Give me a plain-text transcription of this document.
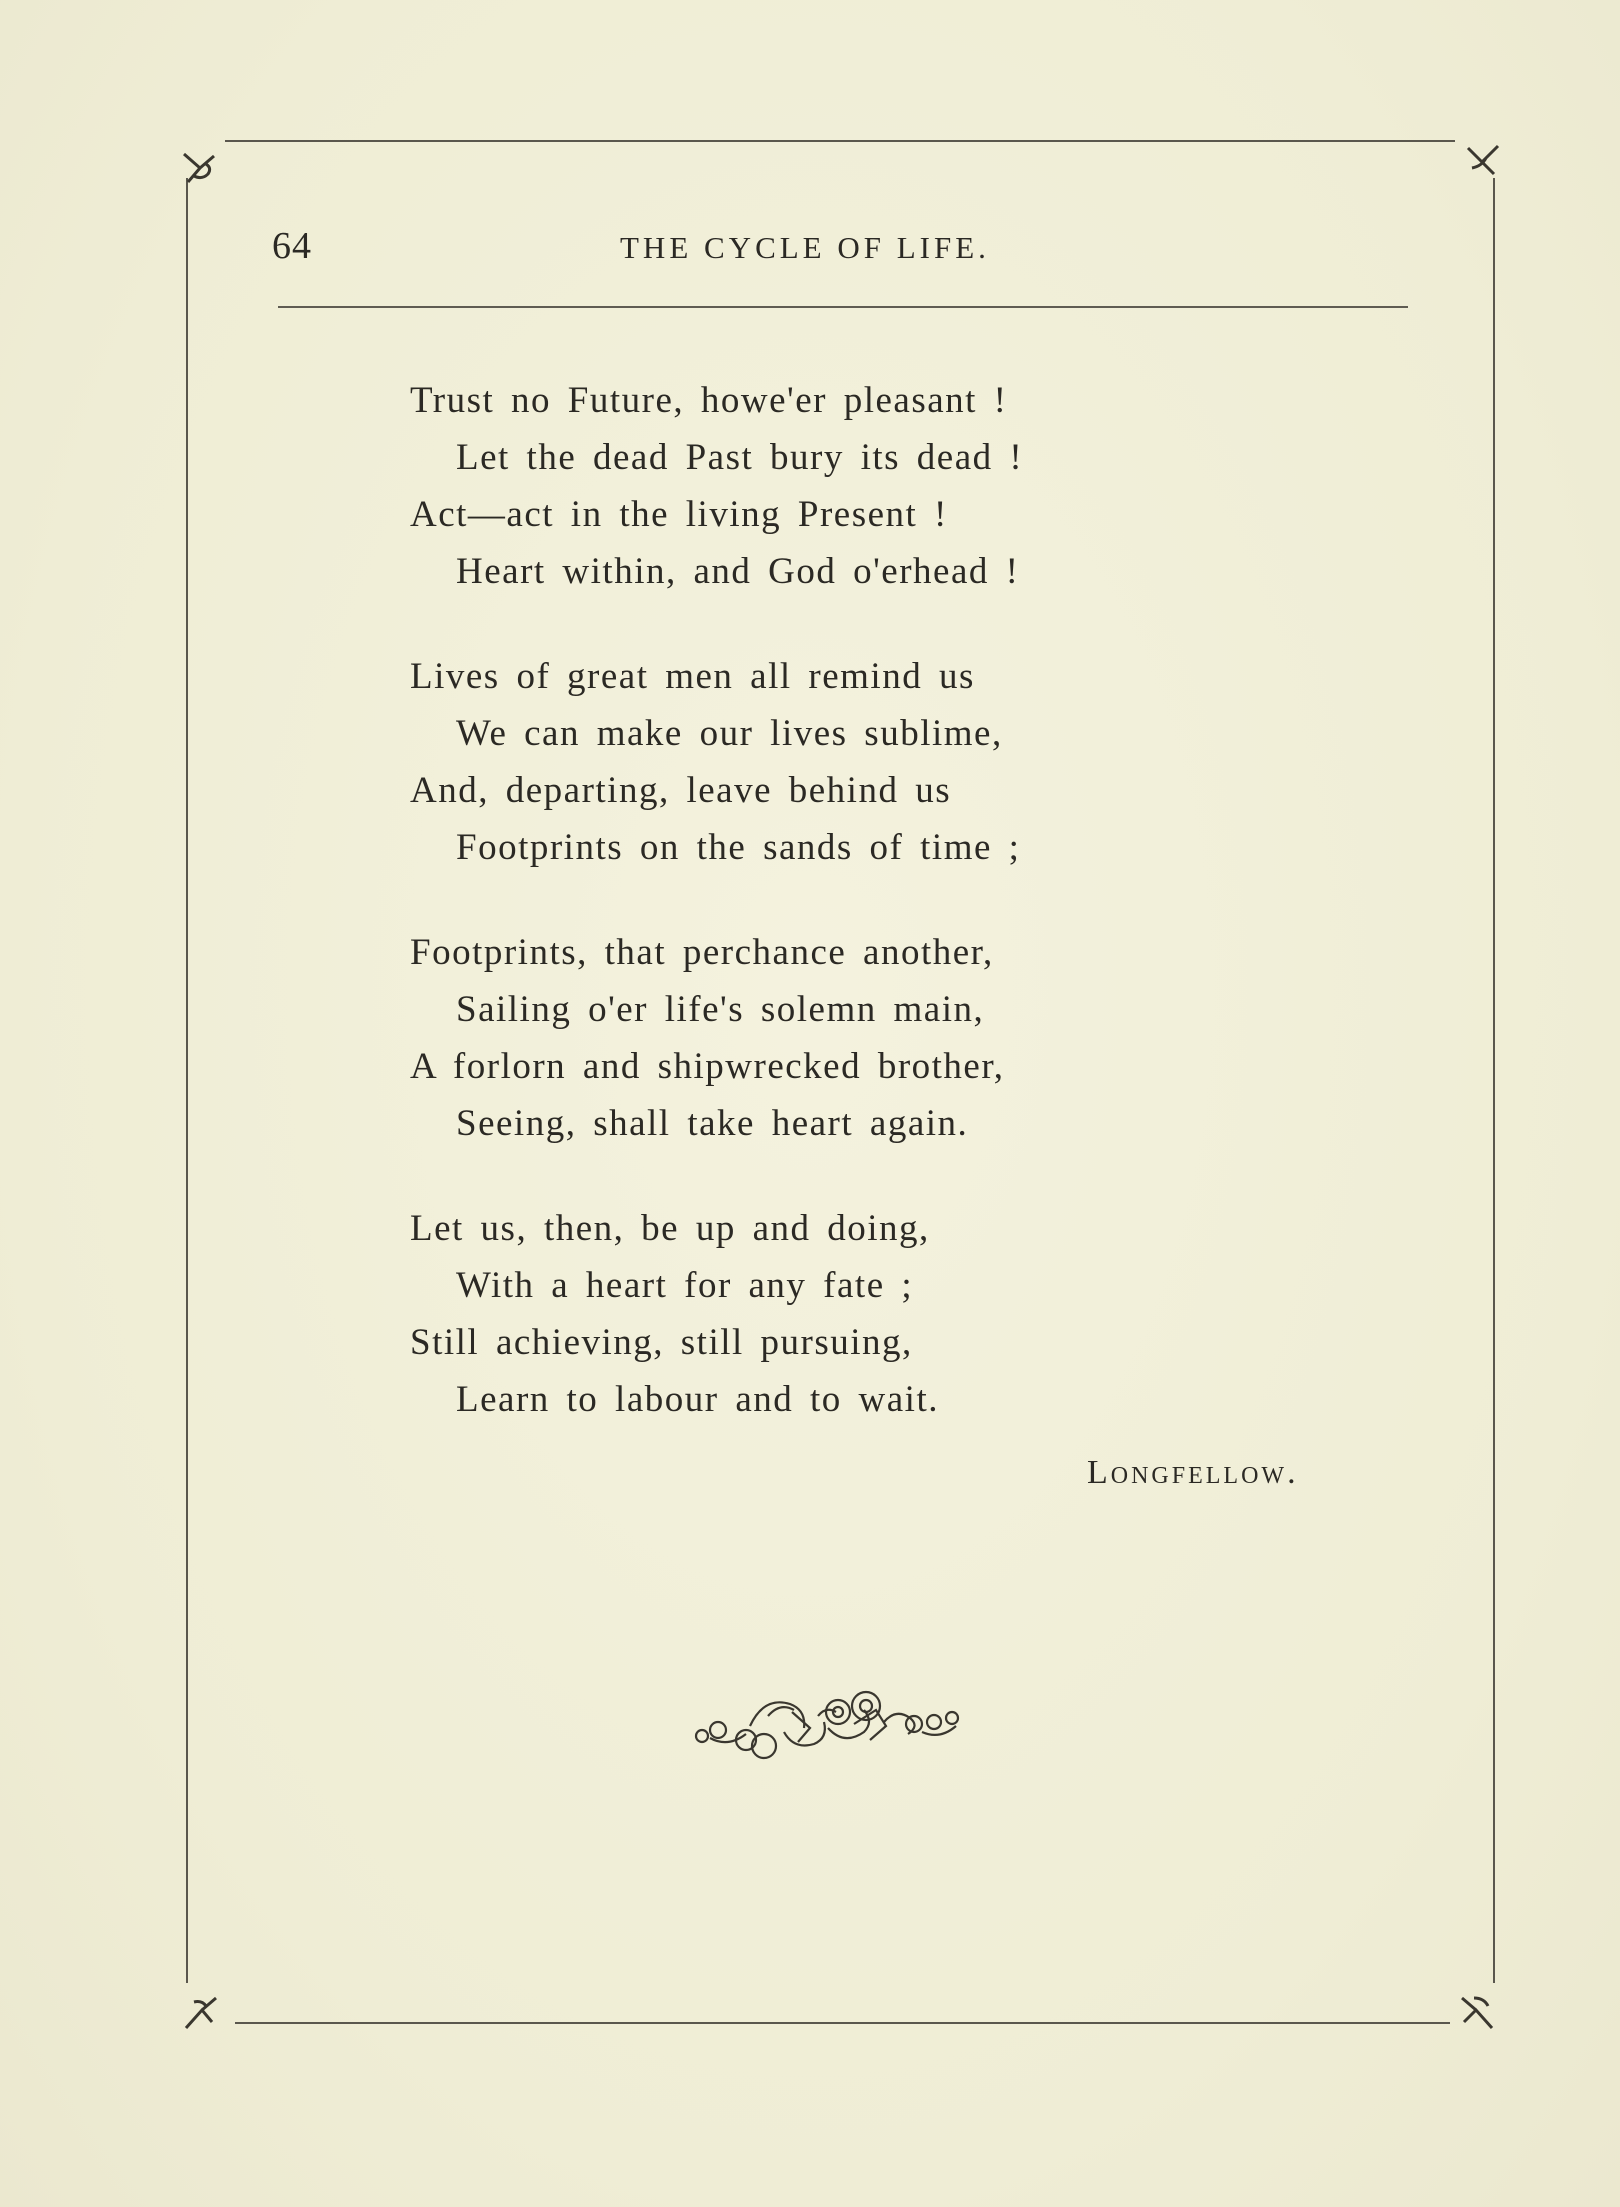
64	THE CYCLE OF LIFE.
Trust no Future, howe'er pleasant !
Let the dead Past bury its dead !
Act—act in the living Present !
Heart within, and God o'erhead !
Lives of great men all remind us
We can make our lives sublime,
And, departing, leave behind us
Footprints on the sands of time ;
Footprints, that perchance another,
Sailing o'er life's solemn main,
A forlorn and shipwrecked brother,
Seeing, shall take heart again.
Let us, then, be up and doing,
With a heart for any fate ;
Still achieving, still pursuing,
Learn to labour and to wait.
Longfellow.
